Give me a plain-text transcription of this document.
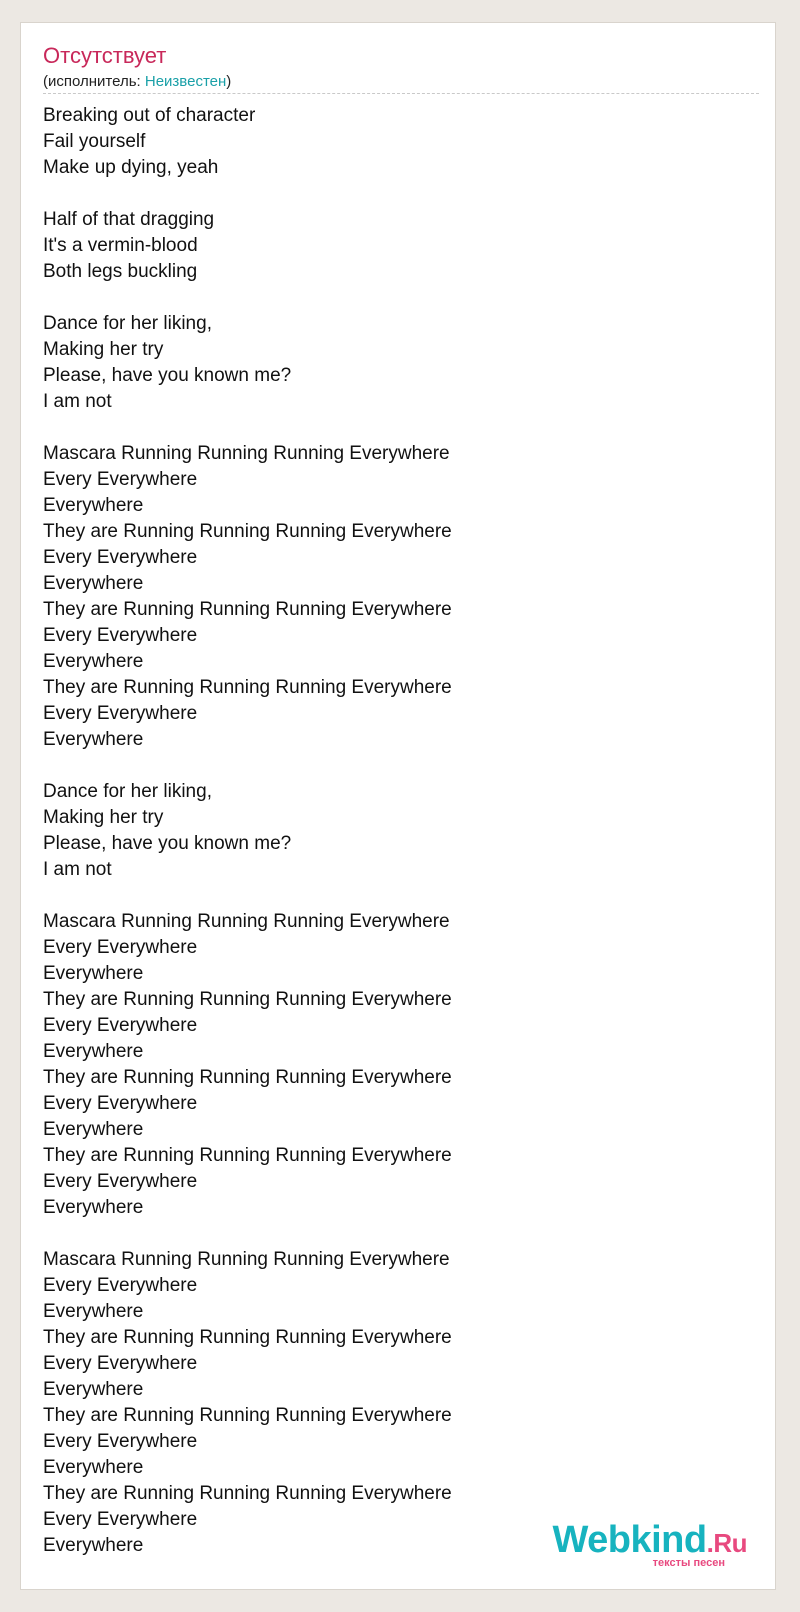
Отсутствует
(исполнитель: Неизвестен)
Breaking out of character
Fail yourself
Make up dying, yeah
Half of that dragging
It's a vermin-blood
Both legs buckling
Dance for her liking,
Making her try
Please, have you known me?
I am not
Mascara Running Running Running Everywhere
Every Everywhere
Everywhere
They are Running Running Running Everywhere
Every Everywhere
Everywhere
They are Running Running Running Everywhere
Every Everywhere
Everywhere
They are Running Running Running Everywhere
Every Everywhere
Everywhere
Dance for her liking,
Making her try
Please, have you known me?
I am not
Mascara Running Running Running Everywhere
Every Everywhere
Everywhere
They are Running Running Running Everywhere
Every Everywhere
Everywhere
They are Running Running Running Everywhere
Every Everywhere
Everywhere
They are Running Running Running Everywhere
Every Everywhere
Everywhere
Mascara Running Running Running Everywhere
Every Everywhere
Everywhere
They are Running Running Running Everywhere
Every Everywhere
Everywhere
They are Running Running Running Everywhere
Every Everywhere
Everywhere
They are Running Running Running Everywhere
Every Everywhere
Everywhere	Webkind.Ru
тексты песен
